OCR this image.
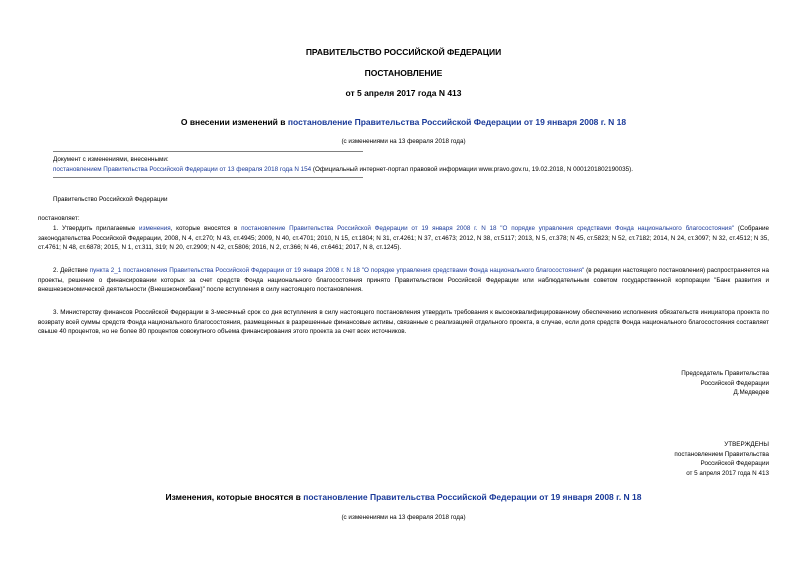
ПРАВИТЕЛЬСТВО РОССИЙСКОЙ ФЕДЕРАЦИИ
ПОСТАНОВЛЕНИЕ
от 5 апреля 2017 года N 413
О внесении изменений в постановление Правительства Российской Федерации от 19 января 2008 г. N 18
(с изменениями на 13 февраля 2018 года)
Документ с изменениями, внесенными:
постановлением Правительства Российской Федерации от 13 февраля 2018 года N 154 (Официальный интернет-портал правовой информации www.pravo.gov.ru, 19.02.2018, N 0001201802190035).
Правительство Российской Федерации
постановляет:
1. Утвердить прилагаемые изменения, которые вносятся в постановление Правительства Российской Федерации от 19 января 2008 г. N 18 "О порядке управления средствами Фонда национального благосостояния" (Собрание законодательства Российской Федерации, 2008, N 4, ст.270; N 43, ст.4945; 2009, N 40, ст.4701; 2010, N 15, ст.1804; N 31, ст.4261; N 37, ст.4673; 2012, N 38, ст.5117; 2013, N 5, ст.378; N 45, ст.5823; N 52, ст.7182; 2014, N 24, ст.3097; N 32, ст.4512; N 35, ст.4761; N 48, ст.6878; 2015, N 1, ст.311, 319; N 20, ст.2909; N 42, ст.5806; 2016, N 2, ст.366; N 46, ст.6461; 2017, N 8, ст.1245).
2. Действие пункта 2_1 постановления Правительства Российской Федерации от 19 января 2008 г. N 18 "О порядке управления средствами Фонда национального благосостояния" (в редакции настоящего постановления) распространяется на проекты, решение о финансировании которых за счет средств Фонда национального благосостояния принято Правительством Российской Федерации или наблюдательным советом государственной корпорации "Банк развития и внешнеэкономической деятельности (Внешэкономбанк)" после вступления в силу настоящего постановления.
3. Министерству финансов Российской Федерации в 3-месячный срок со дня вступления в силу настоящего постановления утвердить требования к высококвалифицированному обеспечению исполнения обязательств инициатора проекта по возврату всей суммы средств Фонда национального благосостояния, размещенных в разрешенные финансовые активы, связанные с реализацией отдельного проекта, в случае, если доля средств Фонда национального благосостояния составляет свыше 40 процентов, но не более 80 процентов совокупного объема финансирования этого проекта за счет всех источников.
Председатель Правительства
Российской Федерации
Д.Медведев
УТВЕРЖДЕНЫ
постановлением Правительства
Российской Федерации
от 5 апреля 2017 года N 413
Изменения, которые вносятся в постановление Правительства Российской Федерации от 19 января 2008 г. N 18
(с изменениями на 13 февраля 2018 года)
